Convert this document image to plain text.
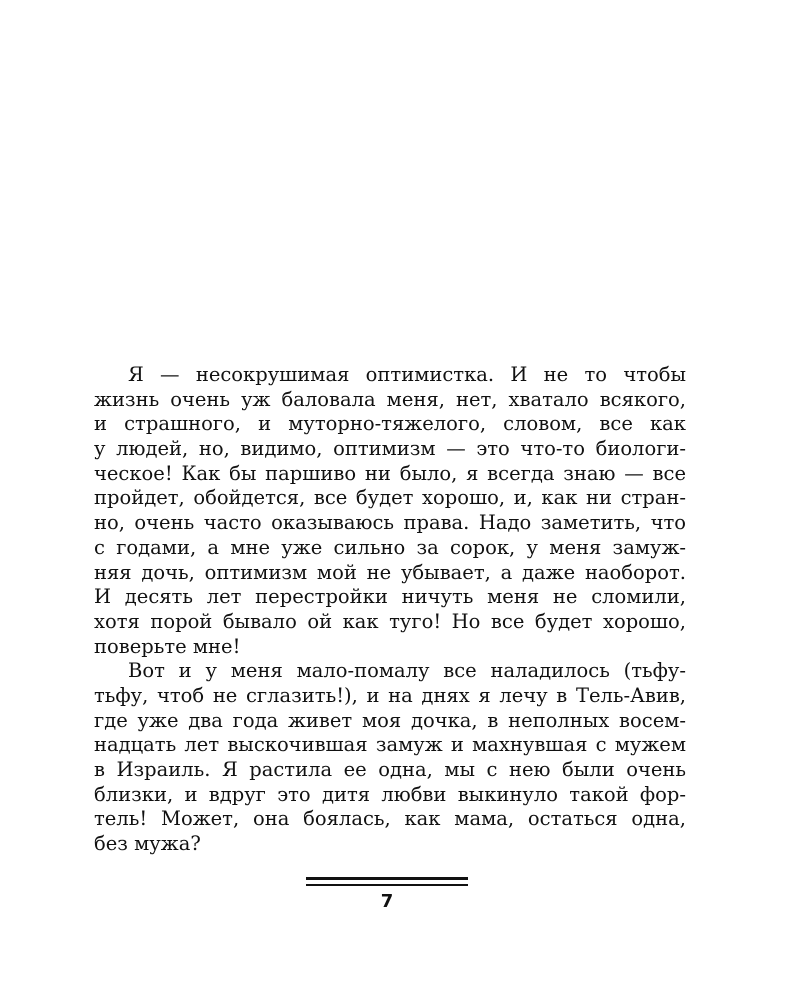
Я — несокрушимая оптимистка. И не то чтобы
жизнь очень уж баловала меня, нет, хватало всякого,
и страшного, и муторно-тяжелого, словом, все как
у людей, но, видимо, оптимизм — это что-то биологи-
ческое! Как бы паршиво ни было, я всегда знаю — все
пройдет, обойдется, все будет хорошо, и, как ни стран-
но, очень часто оказываюсь права. Надо заметить, что
с годами, а мне уже сильно за сорок, у меня замуж-
няя дочь, оптимизм мой не убывает, а даже наоборот.
И десять лет перестройки ничуть меня не сломили,
хотя порой бывало ой как туго! Но все будет хорошо,
поверьте мне!
Вот и у меня мало-помалу все наладилось (тьфу-
тьфу, чтоб не сглазить!), и на днях я лечу в Тель-Авив,
где уже два года живет моя дочка, в неполных восем-
надцать лет выскочившая замуж и махнувшая с мужем
в Израиль. Я растила ее одна, мы с нею были очень
близки, и вдруг это дитя любви выкинуло такой фор-
тель! Может, она боялась, как мама, остаться одна,
без мужа?
7
